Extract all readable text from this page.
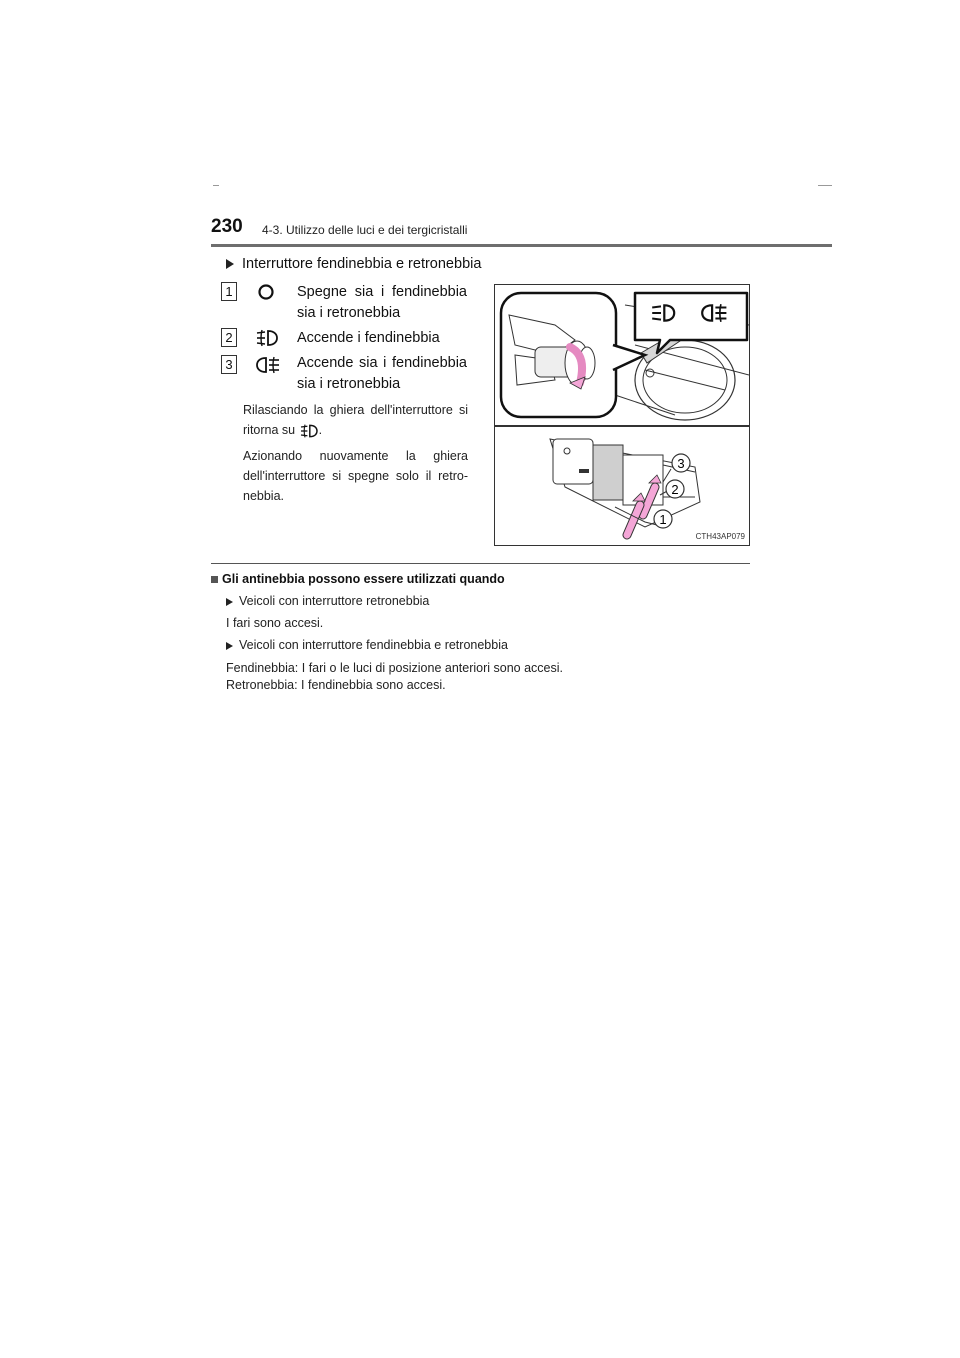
230 4-3. Utilizzo delle luci e dei tergicristalli
Interruttore fendinebbia e retronebbia
1	Spegne sia i fendinebbia sia i retronebbia
2	Accende i fendinebbia
3	Accende sia i fendinebbia sia i retronebbia
Rilasciando la ghiera dell'interruttore si ritorna su .
Azionando nuovamente la ghiera dell'interruttore si spegne solo il retro-nebbia.
3
2
1
CTH43AP079
Gli antinebbia possono essere utilizzati quando
Veicoli con interruttore retronebbia
I fari sono accesi.
Veicoli con interruttore fendinebbia e retronebbia
Fendinebbia: I fari o le luci di posizione anteriori sono accesi.
Retronebbia: I fendinebbia sono accesi.
